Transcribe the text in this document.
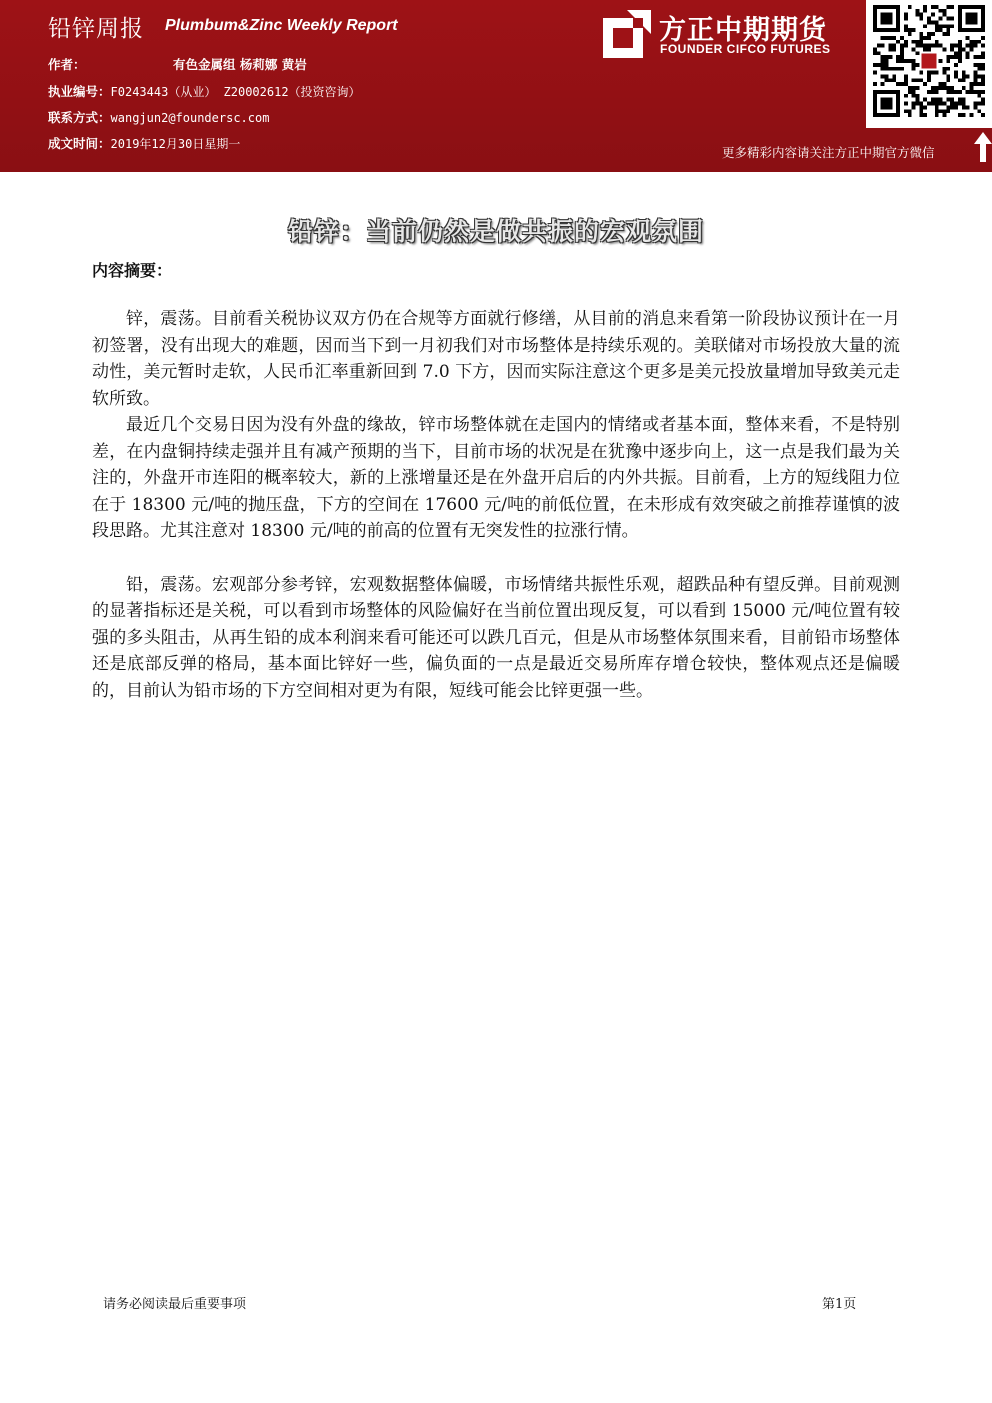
铅锌周报 Plumbum&Zinc Weekly Report
作者：	有色金属组 杨莉娜 黄岩
执业编号：F0243443（从业） Z20002612（投资咨询）
联系方式：wangjun2@foundersc.com
成文时间：2019年12月30日星期一
方正中期期货
FOUNDER CIFCO FUTURES
更多精彩内容请关注方正中期官方微信
铅锌：当前仍然是做共振的宏观氛围
内容摘要：

锌，震荡。目前看关税协议双方仍在合规等方面就行修缮，从目前的消息来看第一阶段协议预计在一月初签署，没有出现大的难题，因而当下到一月初我们对市场整体是持续乐观的。美联储对市场投放大量的流动性，美元暂时走软，人民币汇率重新回到 7.0 下方，因而实际注意这个更多是美元投放量增加导致美元走软所致。

最近几个交易日因为没有外盘的缘故，锌市场整体就在走国内的情绪或者基本面，整体来看，不是特别差，在内盘铜持续走强并且有减产预期的当下，目前市场的状况是在犹豫中逐步向上，这一点是我们最为关注的，外盘开市连阳的概率较大，新的上涨增量还是在外盘开启后的内外共振。目前看，上方的短线阻力位在于 18300 元/吨的抛压盘，下方的空间在 17600 元/吨的前低位置，在未形成有效突破之前推荐谨慎的波段思路。尤其注意对 18300 元/吨的前高的位置有无突发性的拉涨行情。

铅，震荡。宏观部分参考锌，宏观数据整体偏暖，市场情绪共振性乐观，超跌品种有望反弹。目前观测的显著指标还是关税，可以看到市场整体的风险偏好在当前位置出现反复，可以看到 15000 元/吨位置有较强的多头阻击，从再生铅的成本利润来看可能还可以跌几百元，但是从市场整体氛围来看，目前铅市场整体还是底部反弹的格局，基本面比锌好一些，偏负面的一点是最近交易所库存增仓较快，整体观点还是偏暖的，目前认为铅市场的下方空间相对更为有限，短线可能会比锌更强一些。

请务必阅读最后重要事项	第1页
